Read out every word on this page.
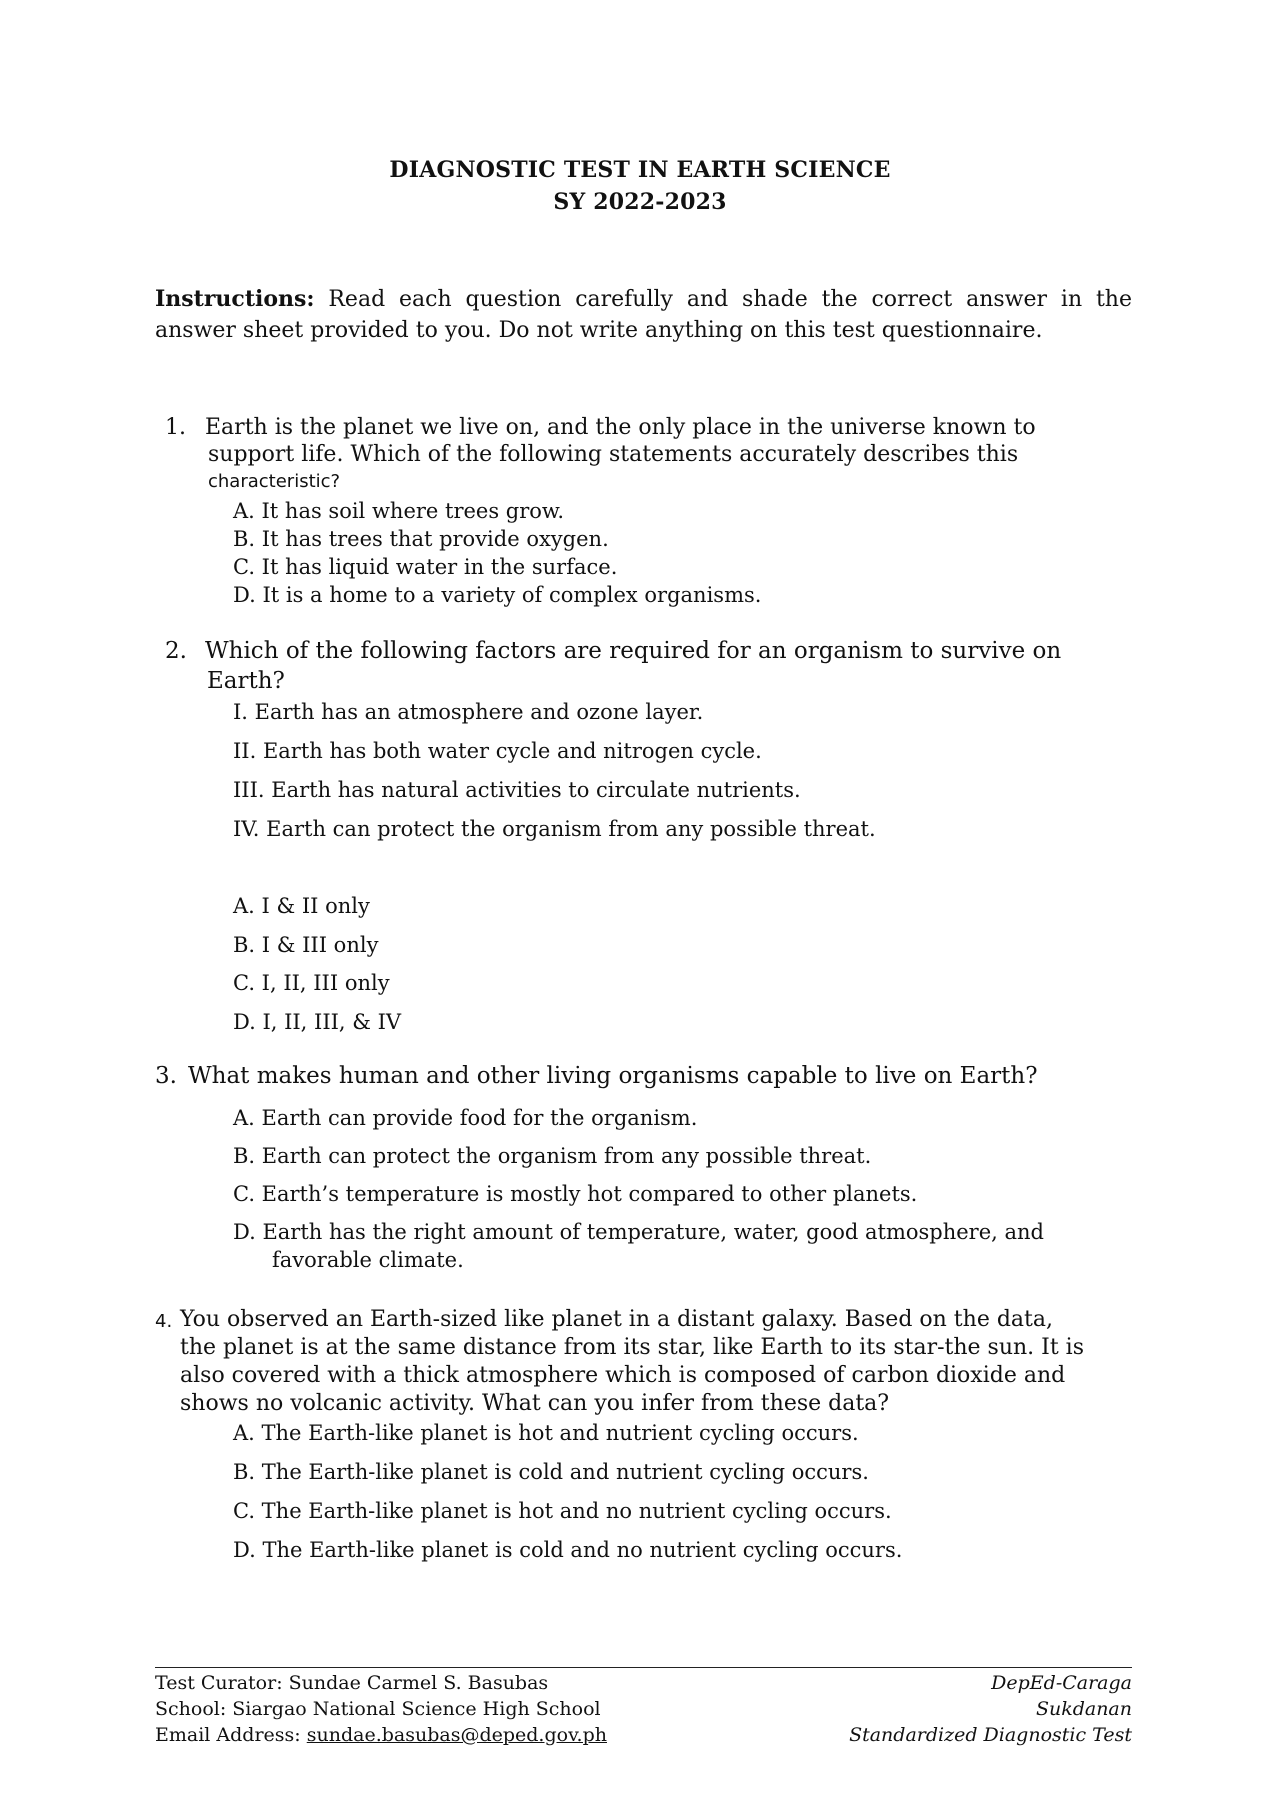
DIAGNOSTIC TEST IN EARTH SCIENCE
SY 2022-2023
Instructions: Read each question carefully and shade the correct answer in the answer sheet provided to you. Do not write anything on this test questionnaire.
1. Earth is the planet we live on, and the only place in the universe known to
support life. Which of the following statements accurately describes this
characteristic?
A. It has soil where trees grow.
B. It has trees that provide oxygen.
C. It has liquid water in the surface.
D. It is a home to a variety of complex organisms.
2. Which of the following factors are required for an organism to survive on
Earth?
I. Earth has an atmosphere and ozone layer.
II. Earth has both water cycle and nitrogen cycle.
III. Earth has natural activities to circulate nutrients.
IV. Earth can protect the organism from any possible threat.
A. I & II only
B. I & III only
C. I, II, III only
D. I, II, III, & IV
3. What makes human and other living organisms capable to live on Earth?
A. Earth can provide food for the organism.
B. Earth can protect the organism from any possible threat.
C. Earth’s temperature is mostly hot compared to other planets.
D. Earth has the right amount of temperature, water, good atmosphere, and
favorable climate.
4. You observed an Earth-sized like planet in a distant galaxy. Based on the data,
the planet is at the same distance from its star, like Earth to its star-the sun. It is
also covered with a thick atmosphere which is composed of carbon dioxide and
shows no volcanic activity. What can you infer from these data?
A. The Earth-like planet is hot and nutrient cycling occurs.
B. The Earth-like planet is cold and nutrient cycling occurs.
C. The Earth-like planet is hot and no nutrient cycling occurs.
D. The Earth-like planet is cold and no nutrient cycling occurs.
Test Curator: Sundae Carmel S. Basubas
School: Siargao National Science High School
Email Address: sundae.basubas@deped.gov.ph
DepEd-Caraga
Sukdanan
Standardized Diagnostic Test
